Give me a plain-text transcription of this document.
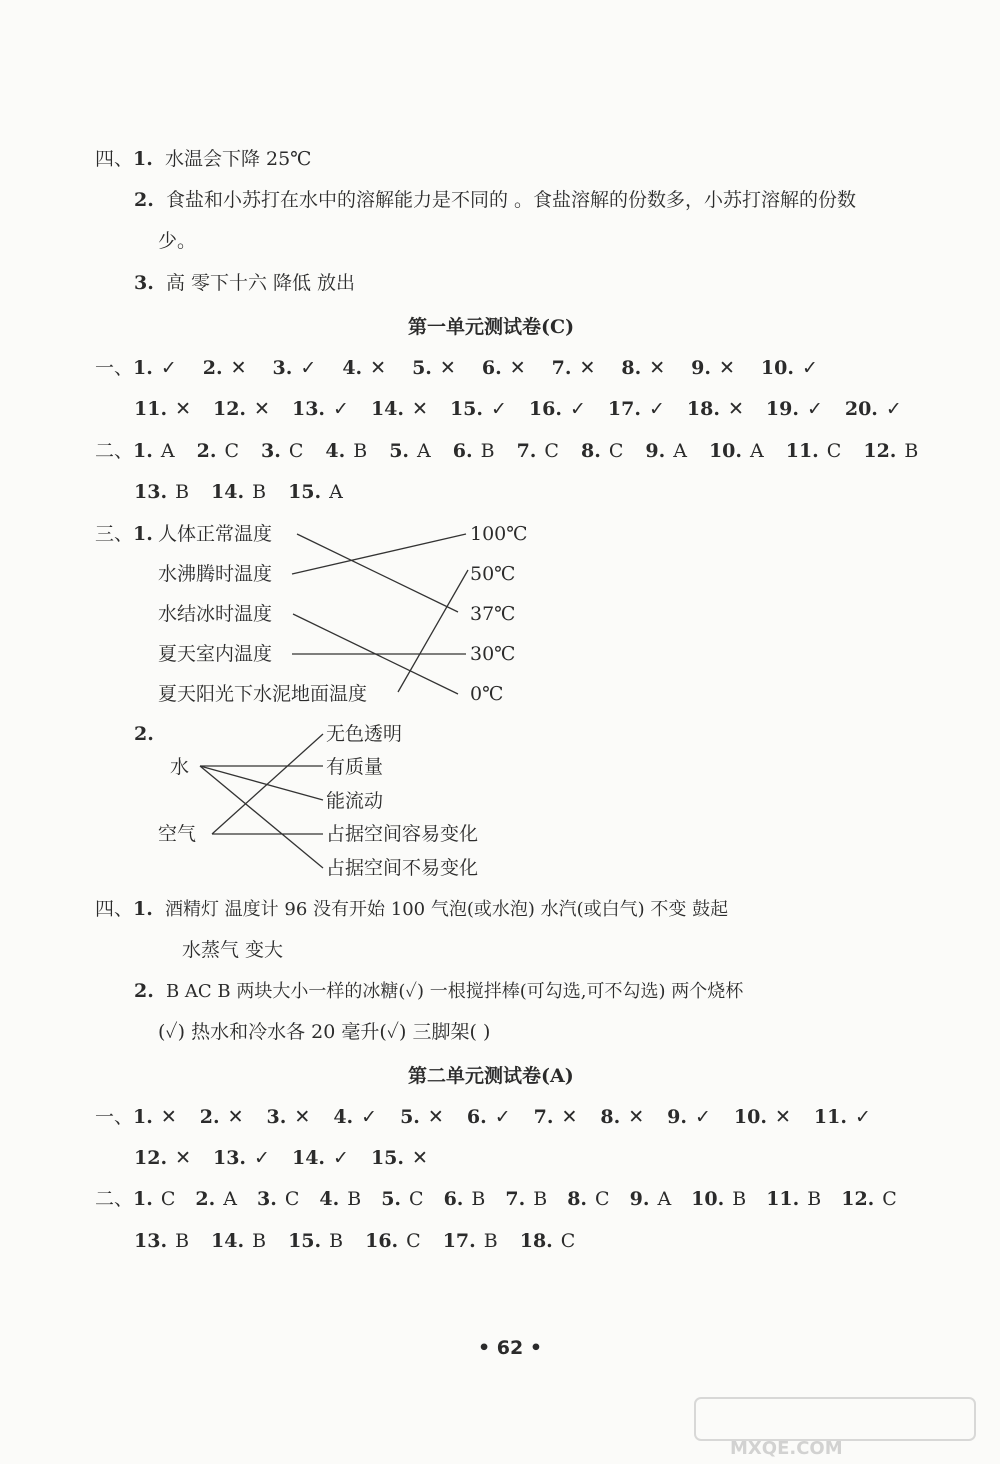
四、1. 水温会下降 25℃
2. 食盐和小苏打在水中的溶解能力是不同的 。食盐溶解的份数多，小苏打溶解的份数
少。
3. 高 零下十六 降低 放出
第一单元测试卷(C)
一、1. ✓ 2. ✕ 3. ✓ 4. ✕ 5. ✕ 6. ✕ 7. ✕ 8. ✕ 9. ✕ 10. ✓
11. ✕ 12. ✕ 13. ✓ 14. ✕ 15. ✓ 16. ✓ 17. ✓ 18. ✕ 19. ✓ 20. ✓
二、1. A 2. C 3. C 4. B 5. A 6. B 7. C 8. C 9. A 10. A 11. C 12. B
13. B 14. B 15. A
三、1. 人体正常温度
水沸腾时温度
水结冰时温度
夏天室内温度
夏天阳光下水泥地面温度
100℃
50℃
37℃
30℃
0℃
2.
水
空气
无色透明
有质量
能流动
占据空间容易变化
占据空间不易变化
四、1. 酒精灯 温度计 96 没有开始 100 气泡(或水泡) 水汽(或白气) 不变 鼓起
水蒸气 变大
2. B AC B 两块大小一样的冰糖(✓) 一根搅拌棒(可勾选,可不勾选) 两个烧杯
(✓) 热水和冷水各 20 毫升(✓) 三脚架( )
第二单元测试卷(A)
一、1. ✕ 2. ✕ 3. ✕ 4. ✓ 5. ✕ 6. ✓ 7. ✕ 8. ✕ 9. ✓ 10. ✕ 11. ✓
12. ✕ 13. ✓ 14. ✓ 15. ✕
二、1. C 2. A 3. C 4. B 5. C 6. B 7. B 8. C 9. A 10. B 11. B 12. C
13. B 14. B 15. B 16. C 17. B 18. C
• 62 •
MXQE.COM
